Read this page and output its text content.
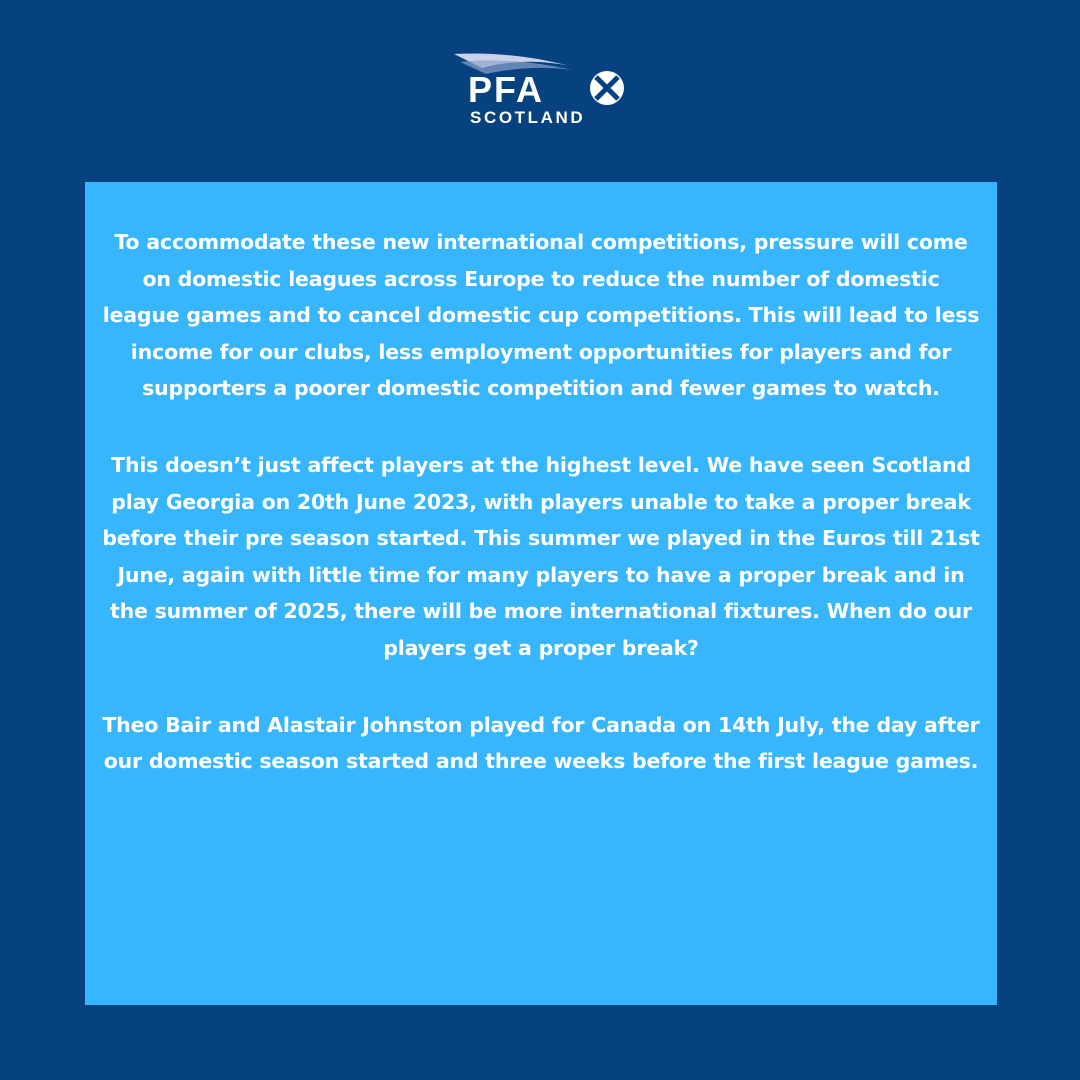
PFA
SCOTLAND

To accommodate these new international competitions, pressure will come on domestic leagues across Europe to reduce the number of domestic league games and to cancel domestic cup competitions. This will lead to less income for our clubs, less employment opportunities for players and for supporters a poorer domestic competition and fewer games to watch.

This doesn’t just affect players at the highest level. We have seen Scotland play Georgia on 20th June 2023, with players unable to take a proper break before their pre season started. This summer we played in the Euros till 21st June, again with little time for many players to have a proper break and in the summer of 2025, there will be more international fixtures. When do our players get a proper break?

Theo Bair and Alastair Johnston played for Canada on 14th July, the day after our domestic season started and three weeks before the first league games.
